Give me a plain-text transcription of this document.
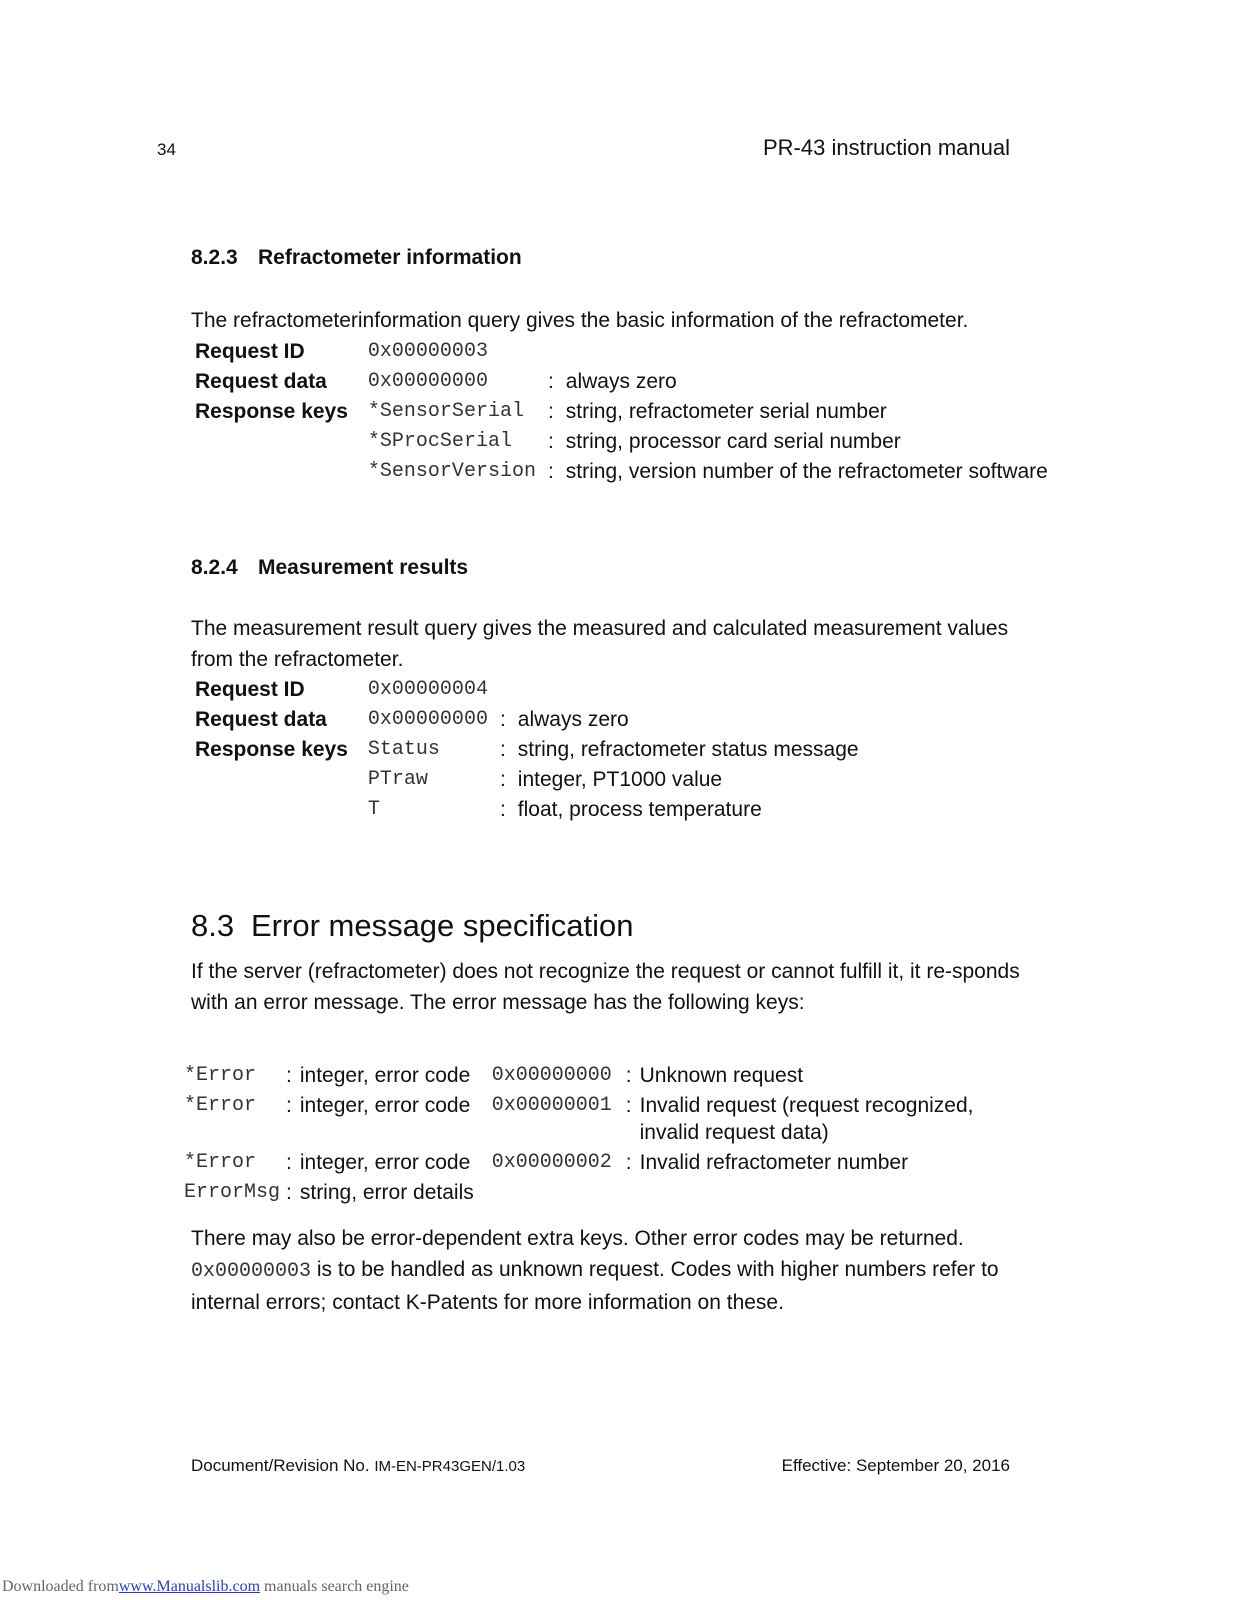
34	PR-43 instruction manual
8.2.3 Refractometer information

The refractometerinformation query gives the basic information of the refractometer.

Request ID	0x00000003		
Request data	0x00000000	:	always zero
Response keys	*SensorSerial	:	string, refractometer serial number
	*SProcSerial	:	string, processor card serial number
	*SensorVersion	:	string, version number of the refractometer software
8.2.4 Measurement results

The measurement result query gives the measured and calculated measurement values from the refractometer.

Request ID	0x00000004		
Request data	0x00000000	:	always zero
Response keys	Status	:	string, refractometer status message
	PTraw	:	integer, PT1000 value
	T	:	float, process temperature
8.3 Error message specification

If the server (refractometer) does not recognize the request or cannot fulfill it, it re-sponds with an error message. The error message has the following keys:

*Error	:	integer, error code	0x00000000	:	Unknown request
*Error	:	integer, error code	0x00000001	:	Invalid request (request recognized, invalid request data)
*Error	:	integer, error code	0x00000002	:	Invalid refractometer number
ErrorMsg	:	string, error details			

There may also be error-dependent extra keys. Other error codes may be returned. 0x00000003 is to be handled as unknown request. Codes with higher numbers refer to internal errors; contact K-Patents for more information on these.

Document/Revision No. IM-EN-PR43GEN/1.03	Effective: September 20, 2016
Downloaded fromwww.Manualslib.com manuals search engine
